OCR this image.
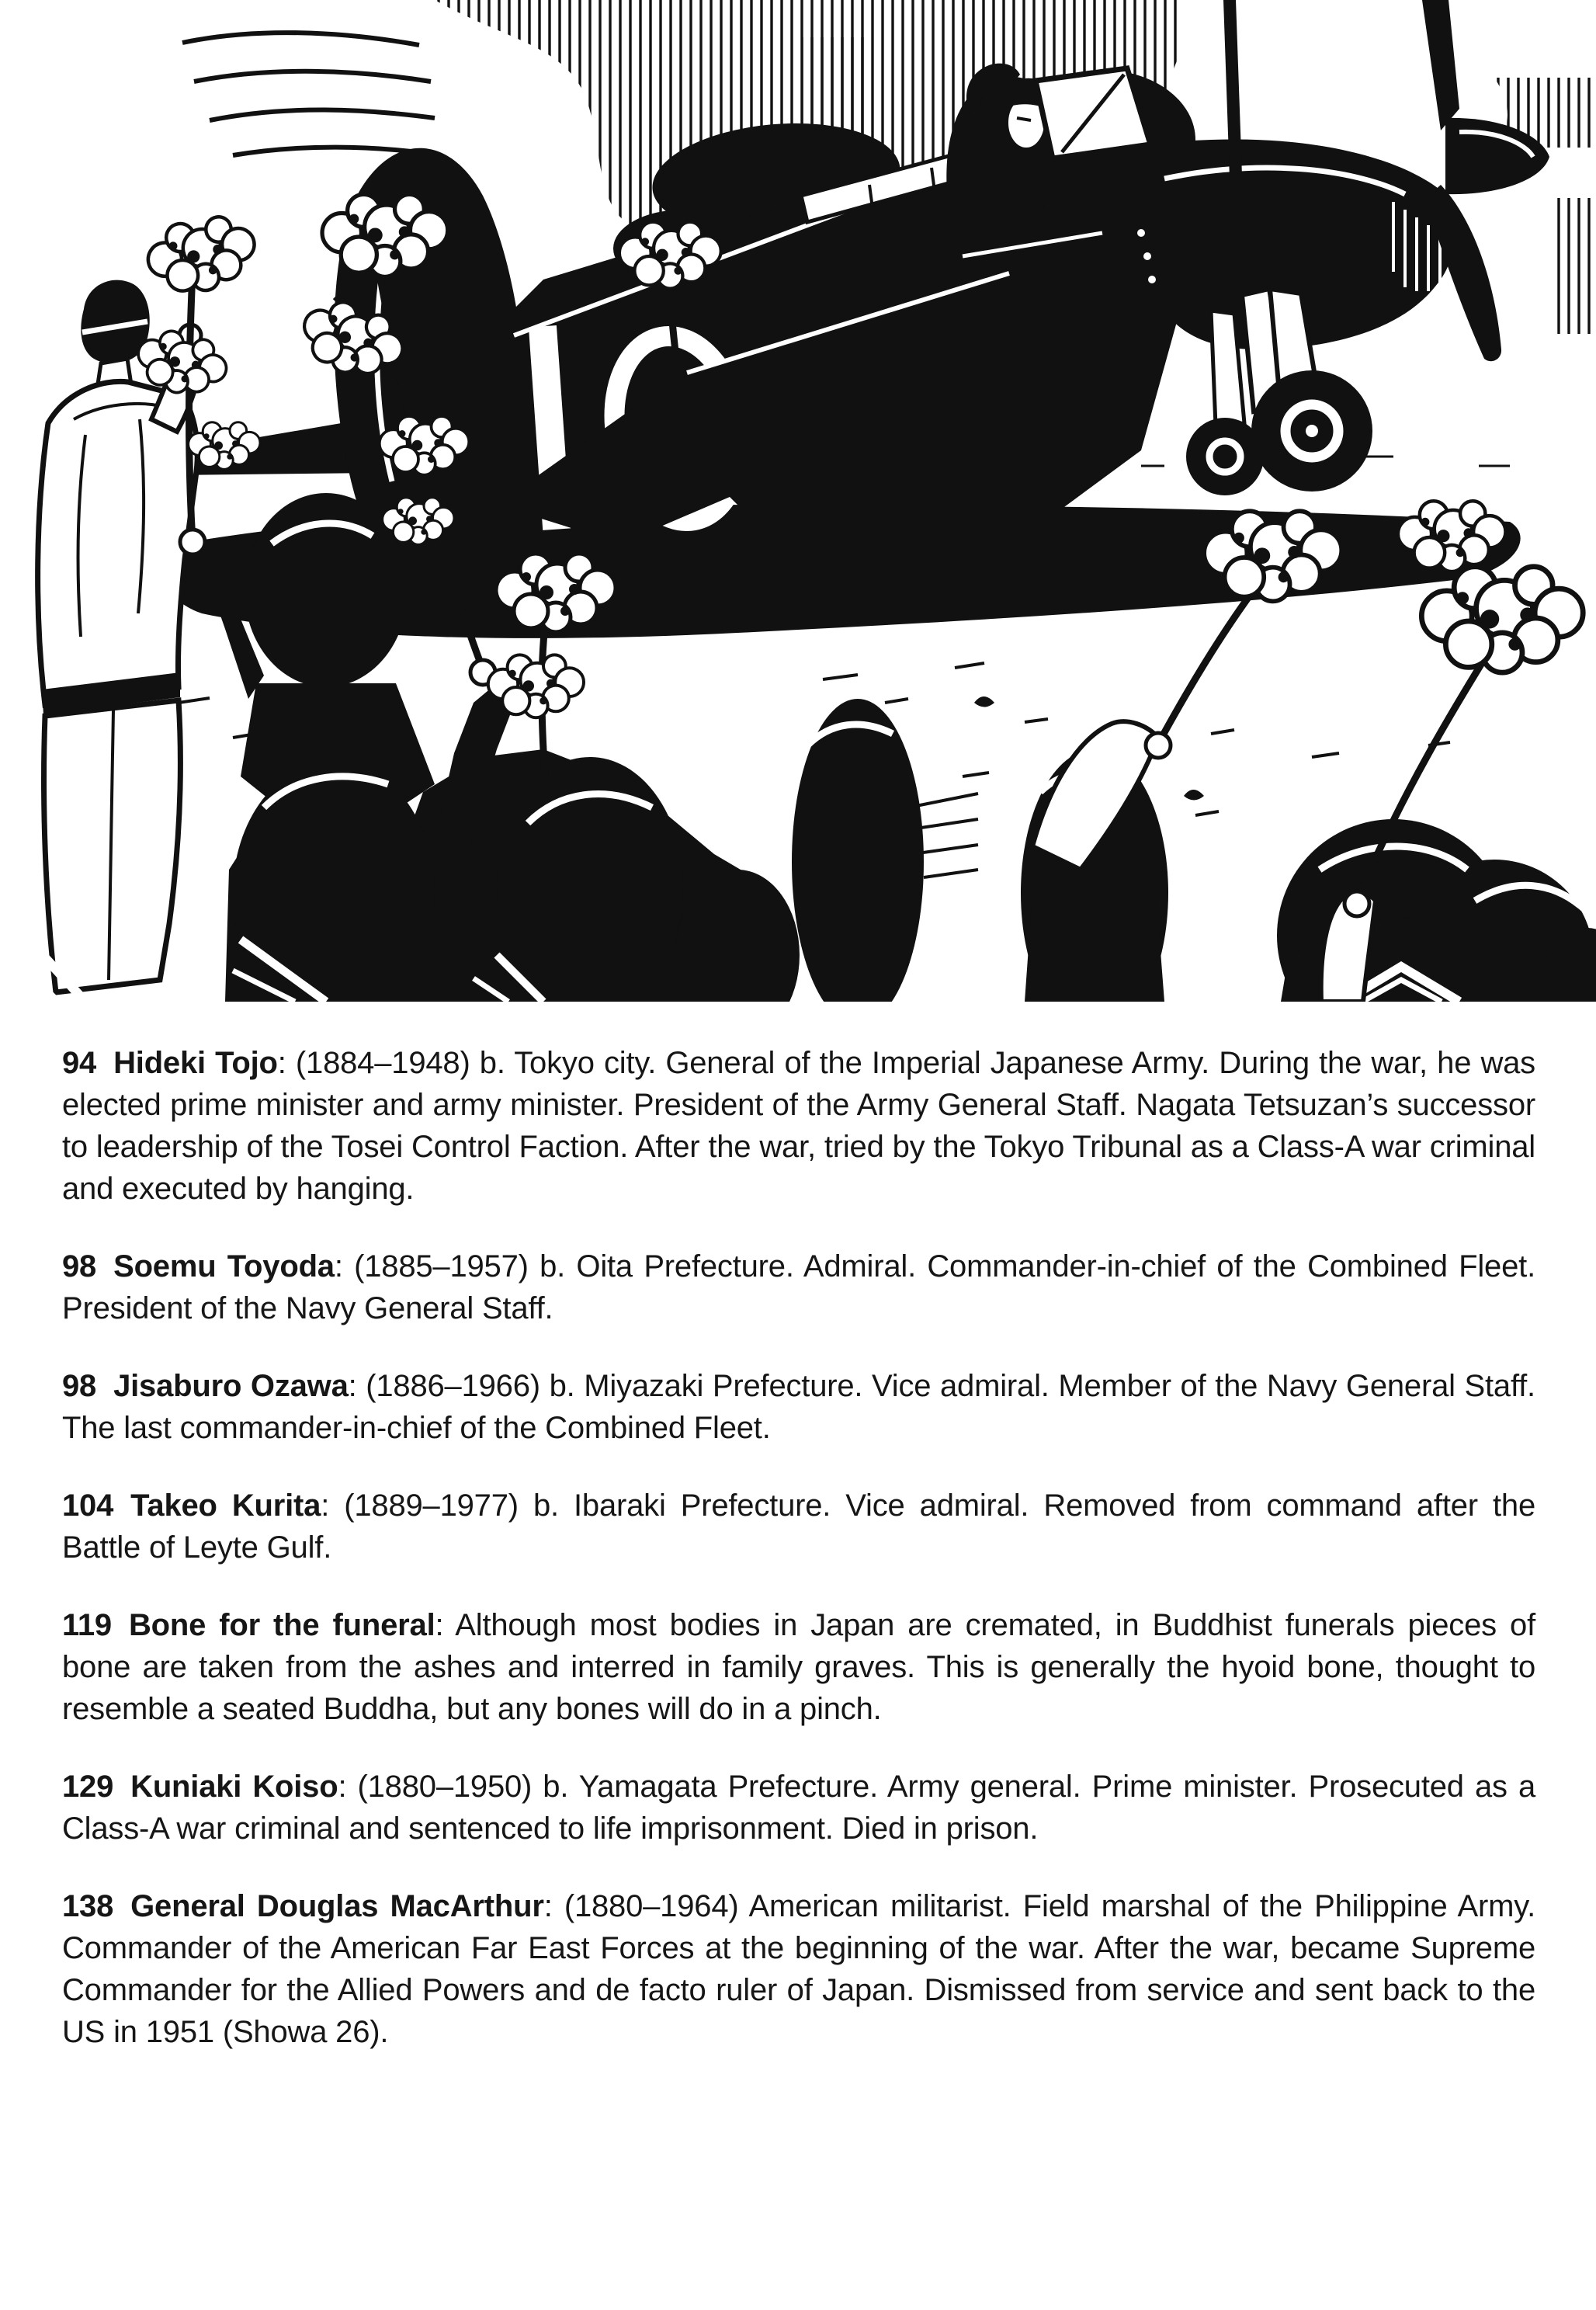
94 Hideki Tojo: (1884–1948) b. Tokyo city. General of the Imperial Japanese Army. During the war, he was elected prime minister and army minister. President of the Army General Staff. Nagata Tetsuzan’s successor to leadership of the Tosei Control Faction. After the war, tried by the Tokyo Tribunal as a Class-A war criminal and executed by hanging.

98 Soemu Toyoda: (1885–1957) b. Oita Prefecture. Admiral. Commander-in-chief of the Combined Fleet. President of the Navy General Staff.

98 Jisaburo Ozawa: (1886–1966) b. Miyazaki Prefecture. Vice admiral. Member of the Navy General Staff. The last commander-in-chief of the Combined Fleet.

104 Takeo Kurita: (1889–1977) b. Ibaraki Prefecture. Vice admiral. Removed from command after the Battle of Leyte Gulf.

119 Bone for the funeral: Although most bodies in Japan are cremated, in Buddhist funerals pieces of bone are taken from the ashes and interred in family graves. This is generally the hyoid bone, thought to resemble a seated Buddha, but any bones will do in a pinch.

129 Kuniaki Koiso: (1880–1950) b. Yamagata Prefecture. Army general. Prime minister. Prosecuted as a Class-A war criminal and sentenced to life imprisonment. Died in prison.

138 General Douglas MacArthur: (1880–1964) American militarist. Field marshal of the Philippine Army. Commander of the American Far East Forces at the beginning of the war. After the war, became Supreme Commander for the Allied Powers and de facto ruler of Japan. Dismissed from service and sent back to the US in 1951 (Showa 26).
